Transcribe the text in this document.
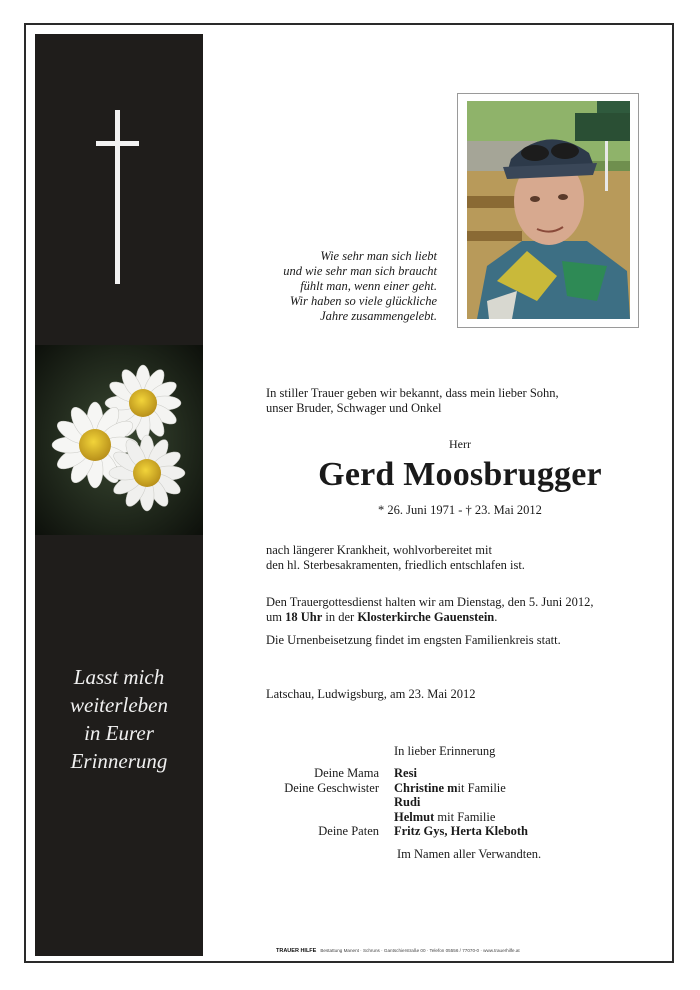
Lasst mich
weiterleben
in Eurer
Erinnerung
Wie sehr man sich liebt
und wie sehr man sich braucht
fühlt man, wenn einer geht.
Wir haben so viele glückliche
Jahre zusammengelebt.
In stiller Trauer geben wir bekannt, dass mein lieber Sohn,
unser Bruder, Schwager und Onkel
Herr
Gerd Moosbrugger
* 26. Juni 1971 - † 23. Mai 2012
nach längerer Krankheit, wohlvorbereitet mit
den hl. Sterbesakramenten, friedlich entschlafen ist.
Den Trauergottesdienst halten wir am Dienstag, den 5. Juni 2012,
um 18 Uhr in der Klosterkirche Gauenstein.
Die Urnenbeisetzung findet im engsten Familienkreis statt.
Latschau, Ludwigsburg, am 23. Mai 2012
In lieber Erinnerung
Deine Mama
Deine Geschwister
Deine Paten
Resi
Christine mit Familie
Rudi
Helmut mit Familie
Fritz Gys, Herta Kleboth
Im Namen aller Verwandten.
TRAUER HILFE Bestattung Manent · Schruns · Gantschierstraße 00 · Telefon 05556 / 77070-0 · www.trauerhilfe.at
